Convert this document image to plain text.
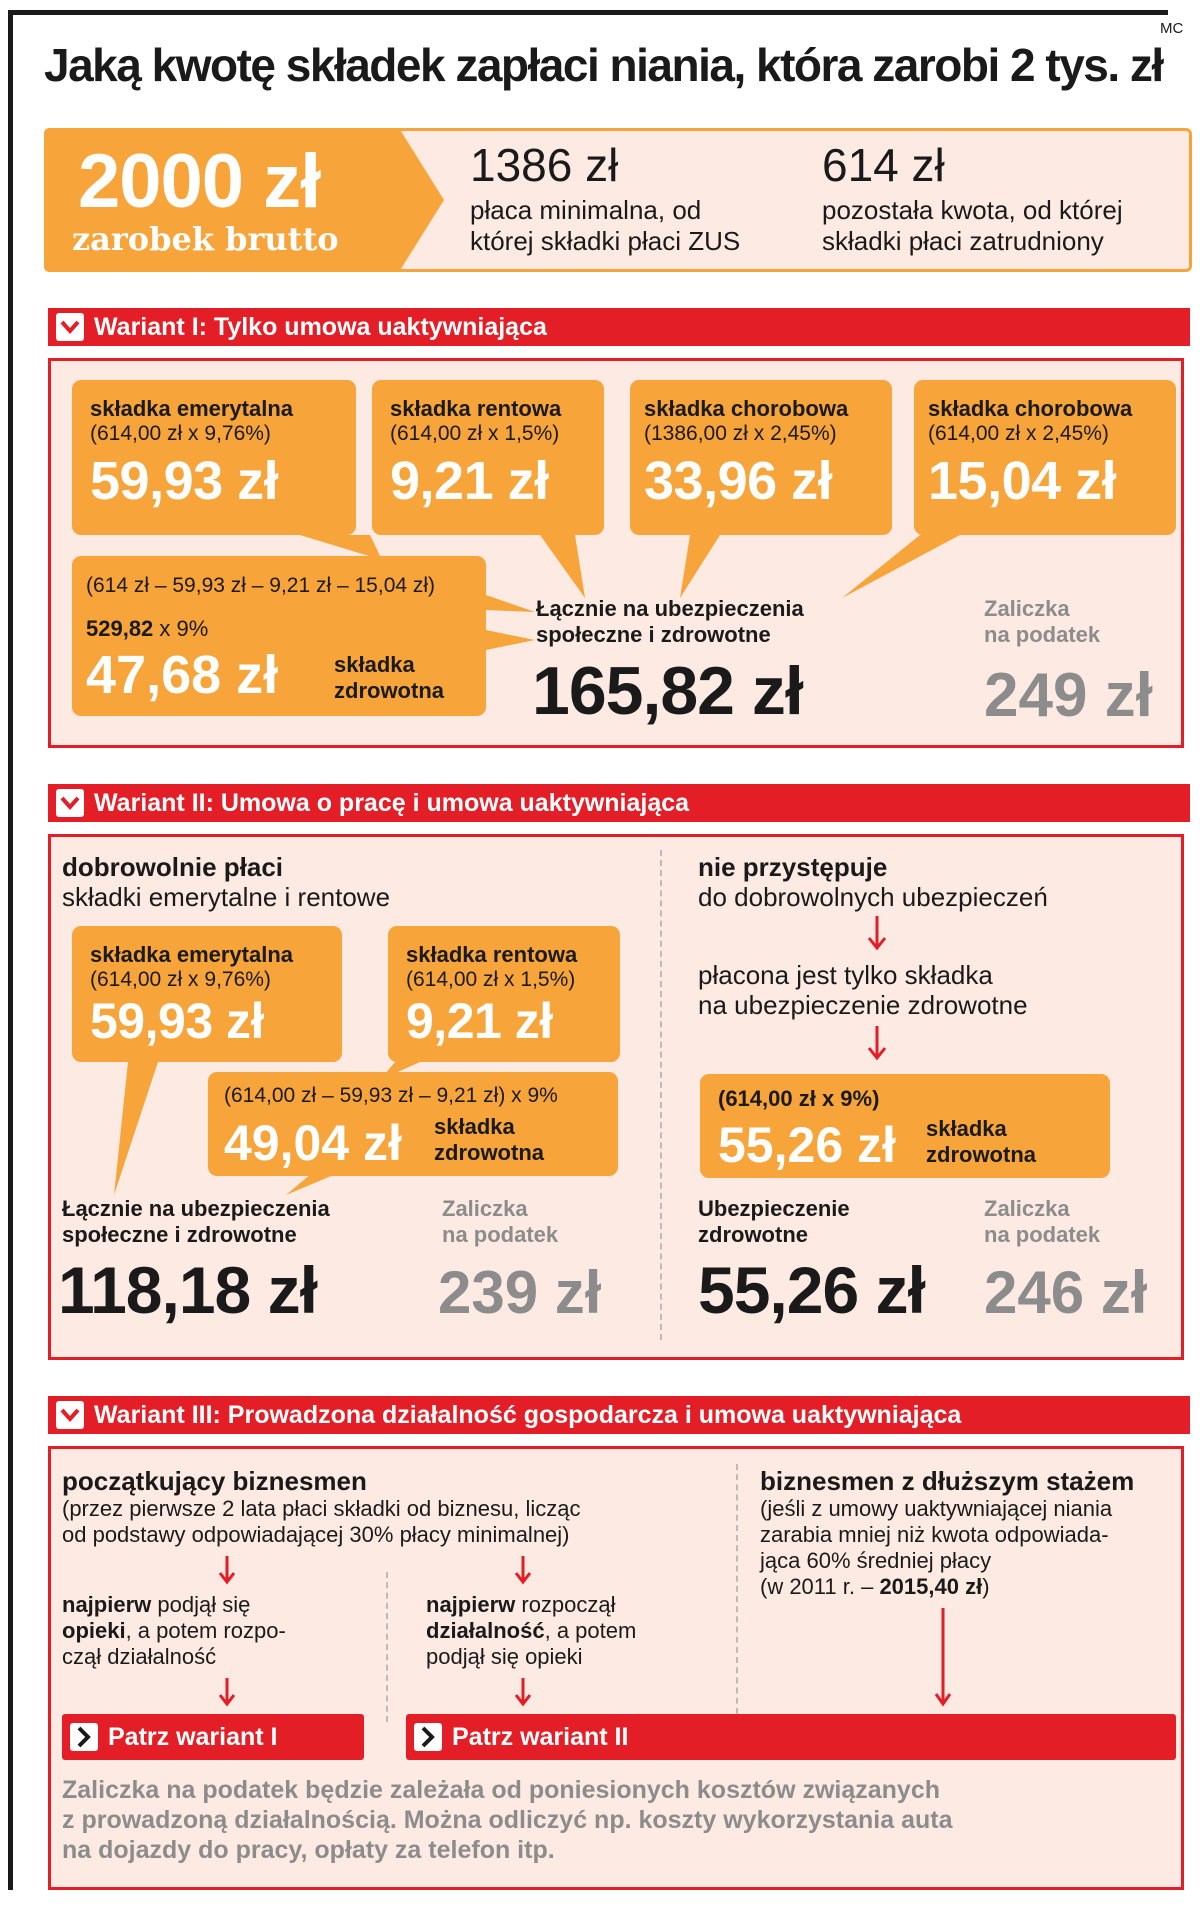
MC
Jaką kwotę składek zapłaci niania, która zarobi 2 tys. zł
2000 zł
zarobek brutto
1386 zł
płaca minimalna, od
której składki płaci ZUS
614 zł
pozostała kwota, od której
składki płaci zatrudniony
Wariant I: Tylko umowa uaktywniająca
składka emerytalna
(614,00 zł x 9,76%)
59,93 zł
składka rentowa
(614,00 zł x 1,5%)
9,21 zł
składka chorobowa
(1386,00 zł x 2,45%)
33,96 zł
składka chorobowa
(614,00 zł x 2,45%)
15,04 zł
(614 zł – 59,93 zł – 9,21 zł – 15,04 zł)
529,82 x 9%
47,68 zł	składka
zdrowotna
Łącznie na ubezpieczenia
społeczne i zdrowotne
165,82 zł
Zaliczka
na podatek
249 zł
Wariant II: Umowa o pracę i umowa uaktywniająca
dobrowolnie płaci
składki emerytalne i rentowe
składka emerytalna
(614,00 zł x 9,76%)
59,93 zł
składka rentowa
(614,00 zł x 1,5%)
9,21 zł
(614,00 zł – 59,93 zł – 9,21 zł) x 9%
49,04 zł składka
zdrowotna
Łącznie na ubezpieczenia
społeczne i zdrowotne
118,18 zł
Zaliczka
na podatek
239 zł
nie przystępuje
do dobrowolnych ubezpieczeń
płacona jest tylko składka
na ubezpieczenie zdrowotne
(614,00 zł x 9%)
55,26 zł składka
zdrowotna
Ubezpieczenie
zdrowotne
55,26 zł
Zaliczka
na podatek
246 zł
Wariant III: Prowadzona działalność gospodarcza i umowa uaktywniająca
początkujący biznesmen
(przez pierwsze 2 lata płaci składki od biznesu, licząc
od podstawy odpowiadającej 30% płacy minimalnej)
najpierw podjął się
opieki, a potem rozpo-
czął działalność
najpierw rozpoczął
działalność, a potem
podjął się opieki
biznesmen z dłuższym stażem
(jeśli z umowy uaktywniającej niania
zarabia mniej niż kwota odpowiada-
jąca 60% średniej płacy
(w 2011 r. – 2015,40 zł)
Patrz wariant I	Patrz wariant II
Zaliczka na podatek będzie zależała od poniesionych kosztów związanych
z prowadzoną działalnością. Można odliczyć np. koszty wykorzystania auta
na dojazdy do pracy, opłaty za telefon itp.
